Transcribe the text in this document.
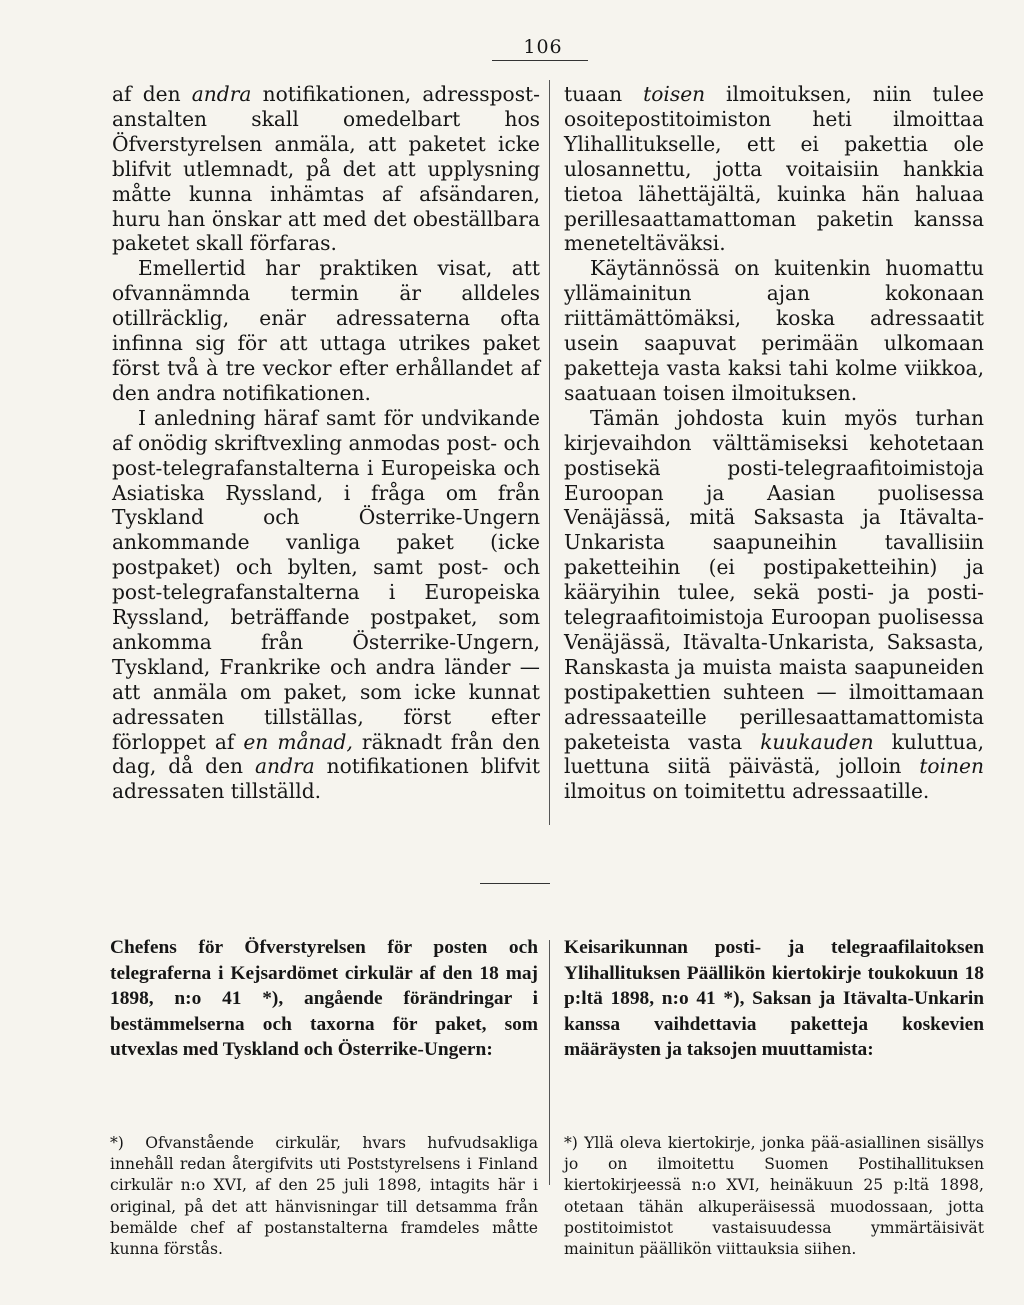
106

af den andra notifikationen, adresspost-anstalten skall omedelbart hos Öfverstyrelsen anmäla, att paketet icke blifvit utlemnadt, på det att upplysning måtte kunna inhämtas af afsändaren, huru han önskar att med det obeställbara paketet skall förfaras.

Emellertid har praktiken visat, att ofvannämnda termin är alldeles otillräcklig, enär adressaterna ofta infinna sig för att uttaga utrikes paket först två à tre veckor efter erhållandet af den andra notifikationen.

I anledning häraf samt för undvikande af onödig skriftvexling anmodas post- och post-telegrafanstalterna i Europeiska och Asiatiska Ryssland, i fråga om från Tyskland och Österrike-Ungern ankommande vanliga paket (icke postpaket) och bylten, samt post- och post-telegrafanstalterna i Europeiska Ryssland, beträffande postpaket, som ankomma från Österrike-Ungern, Tyskland, Frankrike och andra länder — att anmäla om paket, som icke kunnat adressaten tillställas, först efter förloppet af en månad, räknadt från den dag, då den andra notifikationen blifvit adressaten tillställd.

tuaan toisen ilmoituksen, niin tulee osoitepostitoimiston heti ilmoittaa Ylihallitukselle, ett ei pakettia ole ulosannettu, jotta voitaisiin hankkia tietoa lähettäjältä, kuinka hän haluaa perillesaattamattoman paketin kanssa meneteltäväksi.

Käytännössä on kuitenkin huomattu yllämainitun ajan kokonaan riittämättömäksi, koska adressaatit usein saapuvat perimään ulkomaan paketteja vasta kaksi tahi kolme viikkoa, saatuaan toisen ilmoituksen.

Tämän johdosta kuin myös turhan kirjevaihdon välttämiseksi kehotetaan postisekä posti-telegraafitoimistoja Euroopan ja Aasian puolisessa Venäjässä, mitä Saksasta ja Itävalta-Unkarista saapuneihin tavallisiin paketteihin (ei postipaketteihin) ja kääryihin tulee, sekä posti- ja posti-telegraafitoimistoja Euroopan puolisessa Venäjässä, Itävalta-Unkarista, Saksasta, Ranskasta ja muista maista saapuneiden postipakettien suhteen — ilmoittamaan adressaateille perillesaattamattomista paketeista vasta kuukauden kuluttua, luettuna siitä päivästä, jolloin toinen ilmoitus on toimitettu adressaatille.

Chefens för Öfverstyrelsen för posten och telegraferna i Kejsardömet cirkulär af den 18 maj 1898, n:o 41 *), angående förändringar i bestämmelserna och taxorna för paket, som utvexlas med Tyskland och Österrike-Ungern:
Keisarikunnan posti- ja telegraafilaitoksen Ylihallituksen Päällikön kiertokirje toukokuun 18 p:ltä 1898, n:o 41 *), Saksan ja Itävalta-Unkarin kanssa vaihdettavia paketteja koskevien määräysten ja taksojen muuttamista:
*) Ofvanstående cirkulär, hvars hufvudsakliga innehåll redan återgifvits uti Poststyrelsens i Finland cirkulär n:o XVI, af den 25 juli 1898, intagits här i original, på det att hänvisningar till detsamma från bemälde chef af postanstalterna framdeles måtte kunna förstås.
*) Yllä oleva kiertokirje, jonka pää-asiallinen sisällys jo on ilmoitettu Suomen Postihallituksen kiertokirjeessä n:o XVI, heinäkuun 25 p:ltä 1898, otetaan tähän alkuperäisessä muodossaan, jotta postitoimistot vastaisuudessa ymmärtäisivät mainitun päällikön viittauksia siihen.
